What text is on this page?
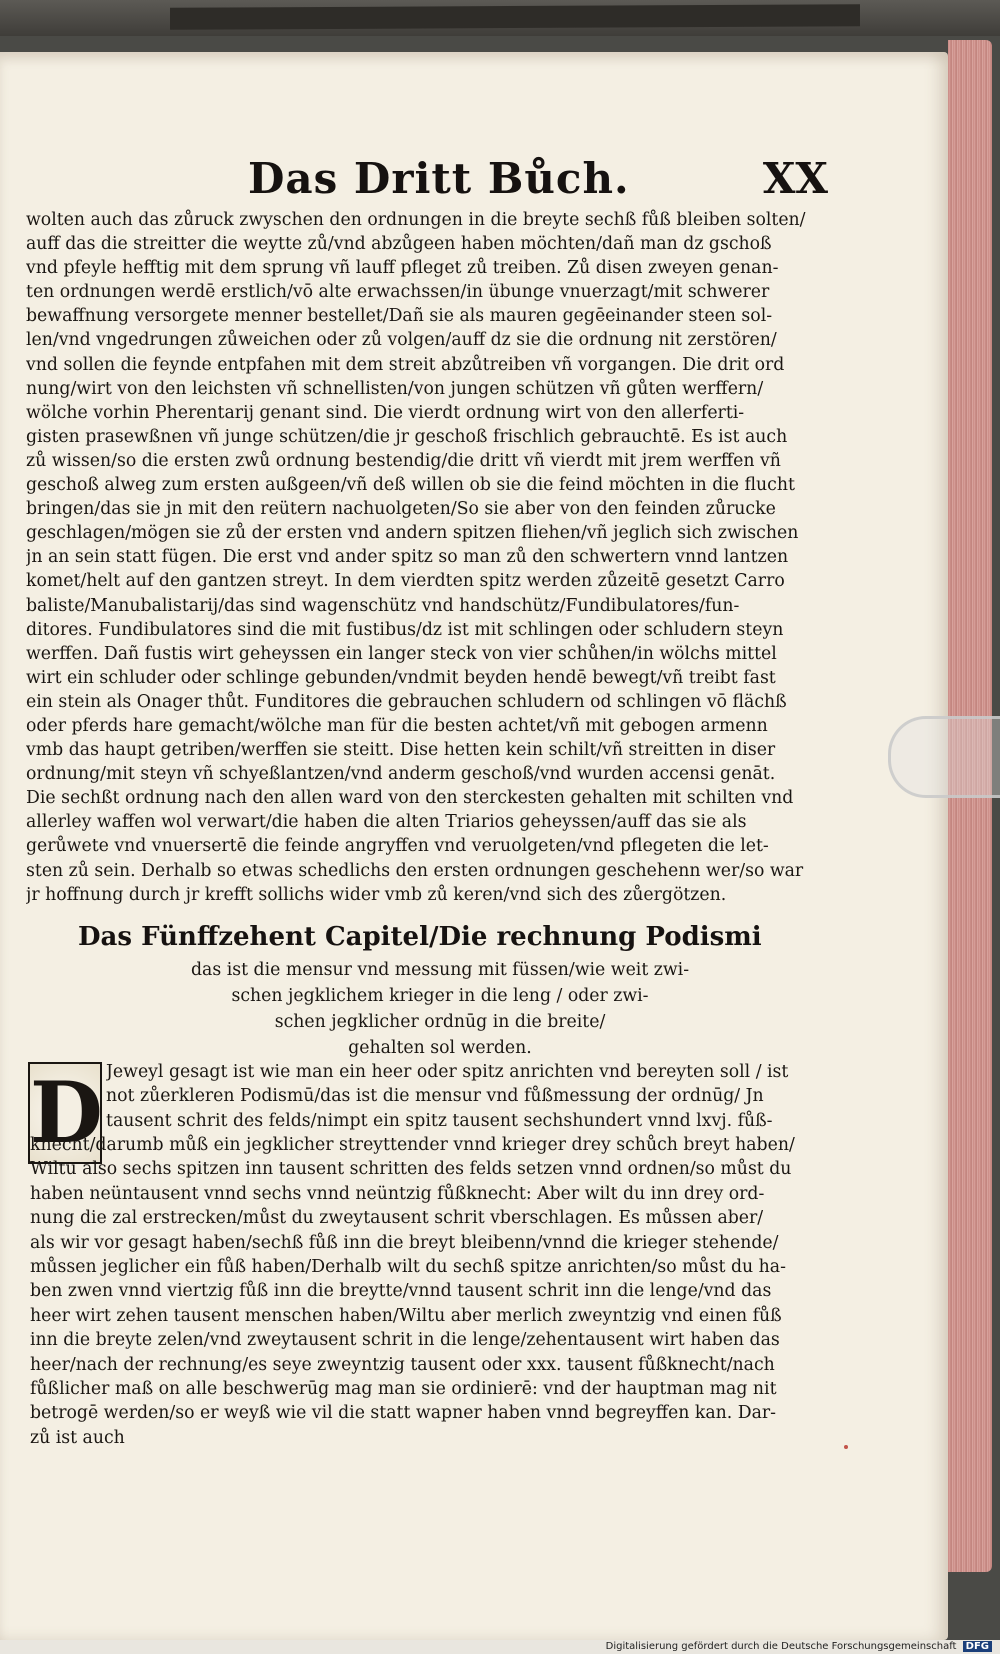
Das Dritt Bůch.	XX
wolten auch das zůruck zwyschen den ordnungen in die breyte sechß fůß bleiben solten/
auff das die streitter die weytte zů/vnd abzůgeen haben möchten/dañ man dz gschoß
vnd pfeyle hefftig mit dem sprung vñ lauff pfleget zů treiben. Zů disen zweyen genan-
ten ordnungen werdē erstlich/vō alte erwachssen/in übunge vnuerzagt/mit schwerer
bewaffnung versorgete menner bestellet/Dañ sie als mauren gegēeinander steen sol-
len/vnd vngedrungen zůweichen oder zů volgen/auff dz sie die ordnung nit zerstören/
vnd sollen die feynde entpfahen mit dem streit abzůtreiben vñ vorgangen. Die drit ord
nung/wirt von den leichsten vñ schnellisten/von jungen schützen vñ gůten werffern/
wölche vorhin Pherentarij genant sind. Die vierdt ordnung wirt von den allerferti-
gisten prasewßnen vñ junge schützen/die jr geschoß frischlich gebrauchtē. Es ist auch
zů wissen/so die ersten zwů ordnung bestendig/die dritt vñ vierdt mit jrem werffen vñ
geschoß alweg zum ersten außgeen/vñ deß willen ob sie die feind möchten in die flucht
bringen/das sie jn mit den reütern nachuolgeten/So sie aber von den feinden zůrucke
geschlagen/mögen sie zů der ersten vnd andern spitzen fliehen/vñ jeglich sich zwischen
jn an sein statt fügen. Die erst vnd ander spitz so man zů den schwertern vnnd lantzen
komet/helt auf den gantzen streyt. In dem vierdten spitz werden zůzeitē gesetzt Carro
baliste/Manubalistarij/das sind wagenschütz vnd handschütz/Fundibulatores/fun-
ditores. Fundibulatores sind die mit fustibus/dz ist mit schlingen oder schludern steyn
werffen. Dañ fustis wirt geheyssen ein langer steck von vier schůhen/in wölchs mittel
wirt ein schluder oder schlinge gebunden/vndmit beyden hendē bewegt/vñ treibt fast
ein stein als Onager thůt. Funditores die gebrauchen schludern od schlingen vō flächß
oder pferds hare gemacht/wölche man für die besten achtet/vñ mit gebogen armenn
vmb das haupt getriben/werffen sie steitt. Dise hetten kein schilt/vñ streitten in diser
ordnung/mit steyn vñ schyeßlantzen/vnd anderm geschoß/vnd wurden accensi genāt.
Die sechßt ordnung nach den allen ward von den sterckesten gehalten mit schilten vnd
allerley waffen wol verwart/die haben die alten Triarios geheyssen/auff das sie als
gerůwete vnd vnuersertē die feinde angryffen vnd veruolgeten/vnd pflegeten die let-
sten zů sein. Derhalb so etwas schedlichs den ersten ordnungen geschehenn wer/so war
jr hoffnung durch jr krefft sollichs wider vmb zů keren/vnd sich des zůergötzen.
Das Fünffzehent Capitel/Die rechnung Podismi
das ist die mensur vnd messung mit füssen/wie weit zwi-
schen jegklichem krieger in die leng / oder zwi-
schen jegklicher ordnūg in die breite/
gehalten sol werden.
D Jeweyl gesagt ist wie man ein heer oder spitz anrichten vnd bereyten soll / ist
not zůerkleren Podismū/das ist die mensur vnd fůßmessung der ordnūg/ Jn
tausent schrit des felds/nimpt ein spitz tausent sechshundert vnnd lxvj. fůß-
knecht/darumb můß ein jegklicher streyttender vnnd krieger drey schůch breyt haben/
Wiltu also sechs spitzen inn tausent schritten des felds setzen vnnd ordnen/so můst du
haben neüntausent vnnd sechs vnnd neüntzig fůßknecht: Aber wilt du inn drey ord-
nung die zal erstrecken/můst du zweytausent schrit vberschlagen. Es můssen aber/
als wir vor gesagt haben/sechß fůß inn die breyt bleibenn/vnnd die krieger stehende/
můssen jeglicher ein fůß haben/Derhalb wilt du sechß spitze anrichten/so můst du ha-
ben zwen vnnd viertzig fůß inn die breytte/vnnd tausent schrit inn die lenge/vnd das
heer wirt zehen tausent menschen haben/Wiltu aber merlich zweyntzig vnd einen fůß
inn die breyte zelen/vnd zweytausent schrit in die lenge/zehentausent wirt haben das
heer/nach der rechnung/es seye zweyntzig tausent oder xxx. tausent fůßknecht/nach
fůßlicher maß on alle beschwerūg mag man sie ordinierē: vnd der hauptman mag nit
betrogē werden/so er weyß wie vil die statt wapner haben vnnd begreyffen kan. Dar-
zů ist auch
Digitalisierung gefördert durch die Deutsche Forschungsgemeinschaft DFG
